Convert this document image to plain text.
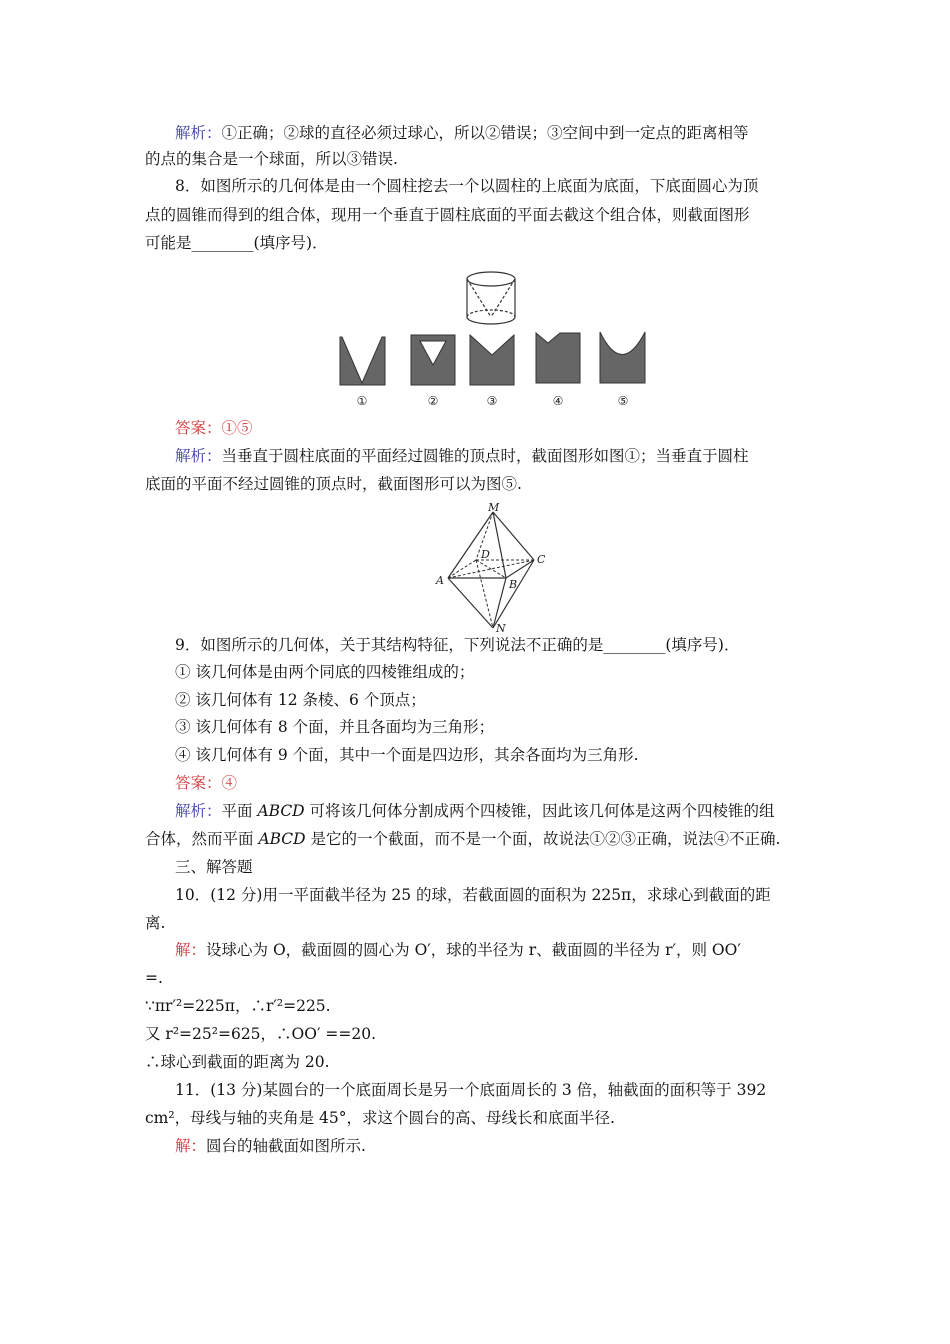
解析：①正确；②球的直径必须过球心，所以②错误；③空间中到一定点的距离相等
的点的集合是一个球面，所以③错误.
8．如图所示的几何体是由一个圆柱挖去一个以圆柱的上底面为底面，下底面圆心为顶
点的圆锥而得到的组合体，现用一个垂直于圆柱底面的平面去截这个组合体，则截面图形
可能是________(填序号)．
①	②	③	④	⑤
答案：①⑤
解析：当垂直于圆柱底面的平面经过圆锥的顶点时，截面图形如图①；当垂直于圆柱
底面的平面不经过圆锥的顶点时，截面图形可以为图⑤.
M
D	C
A	B
N
9．如图所示的几何体，关于其结构特征，下列说法不正确的是________(填序号)．
① 该几何体是由两个同底的四棱锥组成的；
② 该几何体有 12 条棱、6 个顶点；
③ 该几何体有 8 个面，并且各面均为三角形；
④ 该几何体有 9 个面，其中一个面是四边形，其余各面均为三角形.
答案：④
解析：平面 ABCD 可将该几何体分割成两个四棱锥，因此该几何体是这两个四棱锥的组
合体，然而平面 ABCD 是它的一个截面，而不是一个面，故说法①②③正确，说法④不正确.
三、解答题
10．(12 分)用一平面截半径为 25 的球，若截面圆的面积为 225π，求球心到截面的距
离.
解：设球心为 O，截面圆的圆心为 O′，球的半径为 r、截面圆的半径为 r′，则 OO′
=.
∵πr′²=225π，∴r′²=225.
又 r²=25²=625，∴OO′ ==20.
∴球心到截面的距离为 20.
11．(13 分)某圆台的一个底面周长是另一个底面周长的 3 倍，轴截面的面积等于 392
cm²，母线与轴的夹角是 45°，求这个圆台的高、母线长和底面半径.
解：圆台的轴截面如图所示.
